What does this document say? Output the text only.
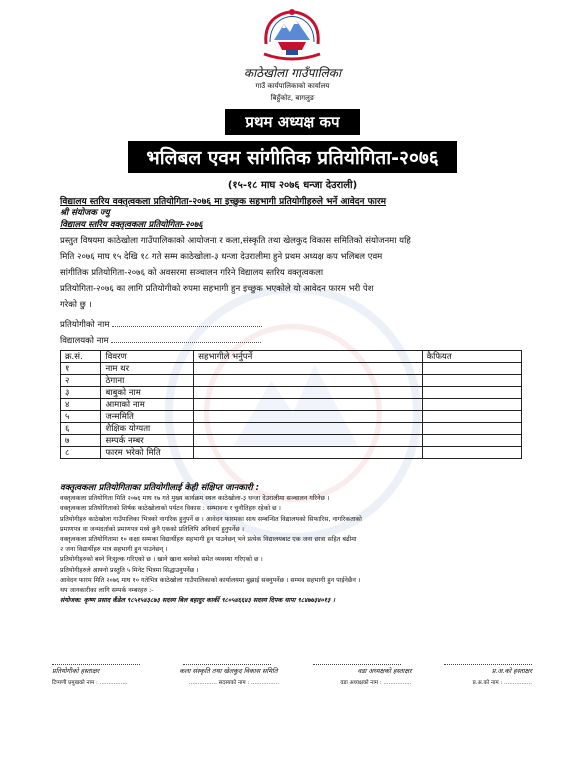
काठेखोला गाउँपालिका
गाउँ कार्यपालिकाको कार्यालय
बिहुँकोट, बागलुङ
प्रथम अध्यक्ष कप
भलिबल एवम सांगीतिक प्रतियोगिता-२०७६
(१५-१८ माघ २०७६ धन्जा देउराली)
विद्यालय स्तरिय वक्तृत्वकला प्रतियोगिता-२०७६ मा इच्छुक सहभागी प्रतियोगीहरुले भर्ने आवेदन फारम
श्री संयोजक ज्यु
विद्यालय स्तरिय वक्तृत्वकला प्रतियोगिता-२०७६
प्रस्तुत विषयमा काठेखोला गाउँपालिकाको आयोजना र कला,संस्कृति तथा खेलकुद विकास समितिको संयोजनमा यहि
मिति २०७६ माघ १५ देखि १८ गते सम्म काठेखोला-३ धन्जा देउरालीमा हुने प्रथम अध्यक्ष कप भलिबल एवम
सांगीतिक प्रतियोगिता-२०७६ को अवसरमा सञ्चालन गरिने विद्यालय स्तरिय वक्तृत्वकला
प्रतियोगिता-२०७६ का लागि प्रतियोगीको रुपमा सहभागी हुन इच्छुक भएकोले यो आवेदन फारम भरी पेश
गरेको छु ।
प्रतियोगीको नाम
विद्यालयको नाम
क्र.सं.	विवरण	सहभागीले भर्नुपर्ने	कैफियत
१	नाम थर		
२	ठेगाना		
३	बाबुको नाम		
४	आमाको नाम		
५	जन्ममिति		
६	शैक्षिक योग्यता		
७	सम्पर्क नम्बर		
८	फारम भरेको मिति		
वक्तृत्वकला प्रतियोगिताका प्रतियोगीलाई केही संक्षिप्त जानकारी :
वक्तृत्वकला प्रतियोगिता मिति २०७६ माघ १७ गते मुख्य कार्यक्रम स्थल काठेखोला-३ धन्जा देउरालीमा सञ्चालन गरिनेछ ।
वक्तृत्वकला प्रतियोगिताको शिर्षक काठेखोलाको पर्यटन विकास : सम्भावना र चुनौतिहरु रहेको छ ।
प्रतियोगीहरु काठेखोला गाउँपालिका भित्रको नागरिक हुनुपर्ने छ । आवेदन फारमका साथ सम्बन्धित विद्यालयको सिफारिस, नागरिकताको
प्रमाणपत्र वा जन्मदर्ताको प्रमाणपत्र मध्ये कुनै एकको प्रतिलिपि अनिवार्य हुनुपर्नेछ ।
वक्तृत्वकला प्रतियोगितामा १० कक्षा सम्मका विद्यार्थीहरु सहभागी हुन पाउनेछन् भने प्रत्येक विद्यालयबाट एक जना छात्रा सहित बढीमा
२ जना विद्यार्थीहरु मात्र सहभागी हुन पाउनेछन् ।
प्रतियोगीहरुको बस्ने निःशुल्क गरिएको छ । खाने खाना बस्नेको समेत व्यवस्था गरिएको छ ।
प्रतियोगीहरुले आफ्नो प्रस्तुति ५ मिनेट भित्रमा सिद्धाउनुपर्नेछ ।
आवेदन फारम मिति २०७६ माघ १० गतेभित्र काठेखोला गाउँपालिकाको कार्यालयमा बुझाई सक्नुपर्नेछ । सम्भव सहभागी हुन पाईनेछैन ।
थप जानकारीका लागि सम्पर्क नम्बरहरु :-
संयोजक: कृष्ण प्रसाद कँडेल ९८५१५४३८७३ सदस्य बिल बहादुर कार्की ९८०५४६६४३ सदस्य दिपक थापा ९८४७७३४०१३ ।
प्रतियोगीको हस्ताक्षर	कला संस्कृति तथा खेलकुद विकास समिति	वडा अध्यक्षको हस्ताक्षर	प्र.अ.को हस्ताक्षर
टिप्पणी प्रमुखको नाम : ................	................ सदस्यको नाम : ................	वडा अध्यक्षको नाम : ................	प्र.अ.को नाम : ................
